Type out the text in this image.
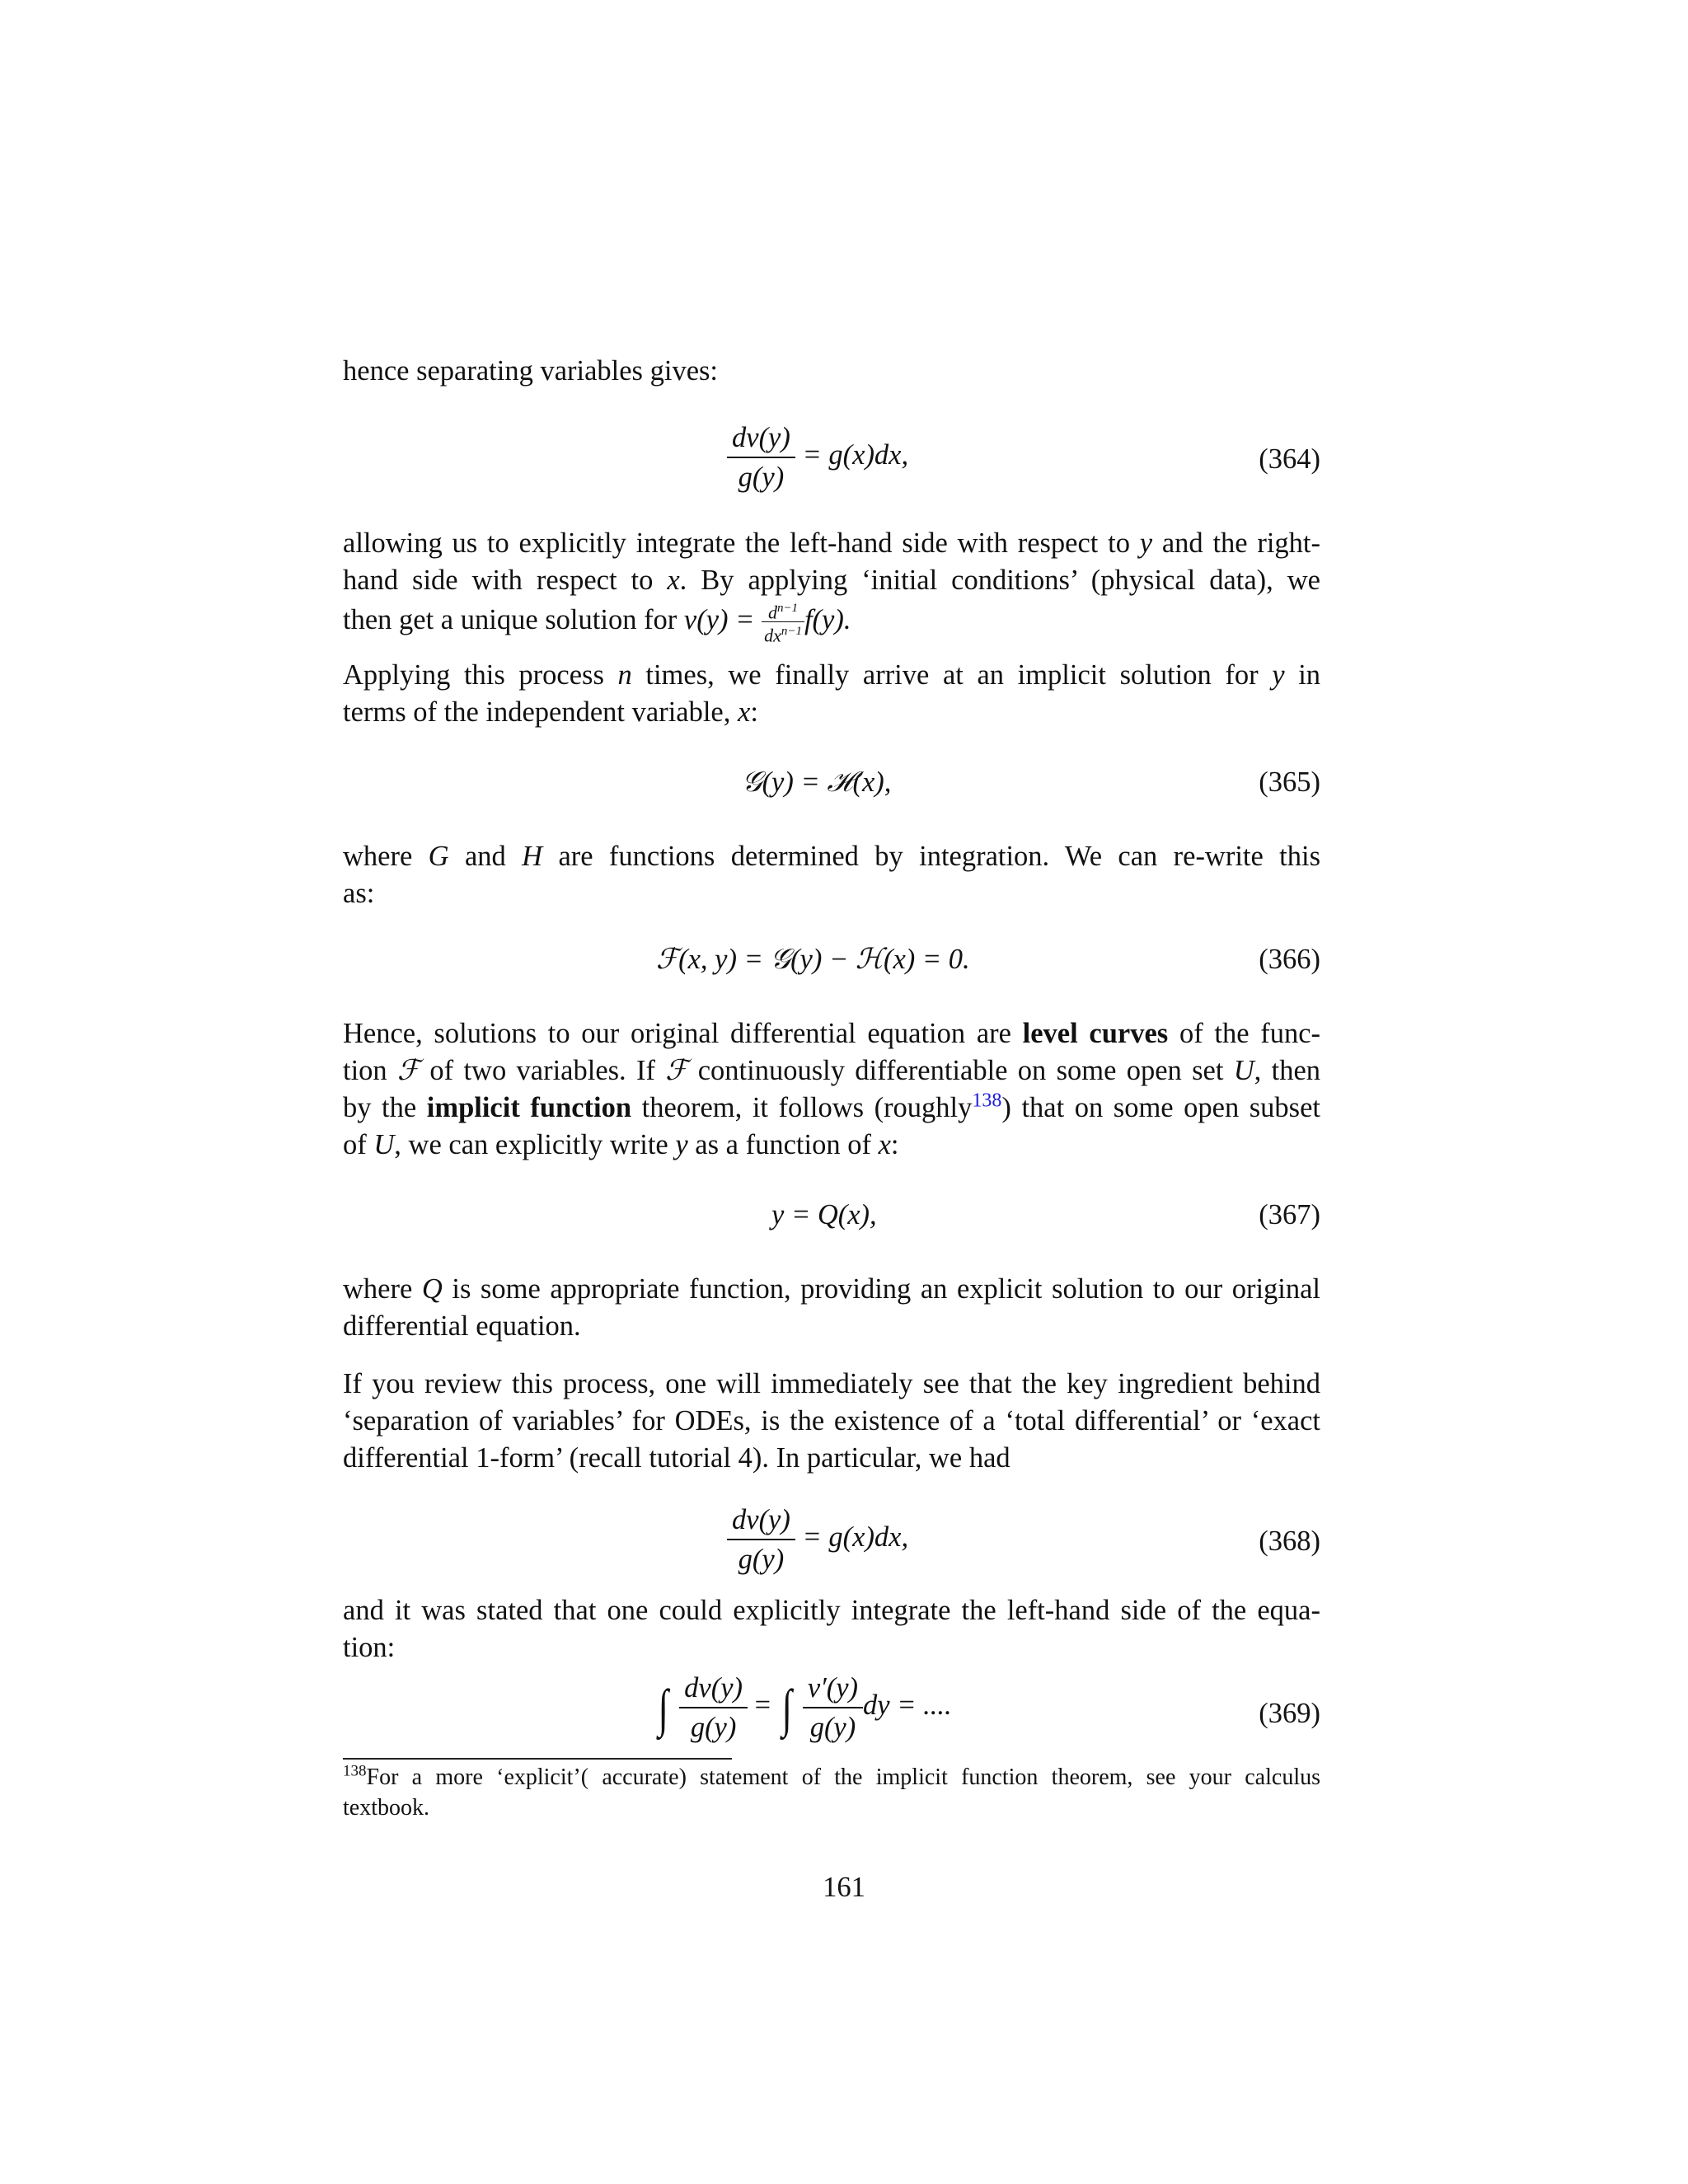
hence separating variables gives:

$\frac{dv(y)}{g(y)} = g(x)dx$,	(364)
allowing us to explicitly integrate the left-hand side with respect to y and the right-
hand side with respect to x. By applying ‘initial conditions’ (physical data), we
then get a unique solution for $v(y) = \frac{d^{n-1}}{dx^{n-1}} f(y)$.
Applying this process n times, we finally arrive at an implicit solution for y in
terms of the independent variable, x:
𝒢(y) = ℋ(x),	(365)
where G and H are functions determined by integration. We can re-write this
as:
ℱ(x, y) = 𝒢(y) − ℋ(x) = 0.	(366)
Hence, solutions to our original differential equation are level curves of the func-
tion ℱ of two variables. If ℱ continuously differentiable on some open set U, then
by the implicit function theorem, it follows (roughly$^{138}$) that on some open subset
of U, we can explicitly write y as a function of x:
y = Q(x),	(367)
where Q is some appropriate function, providing an explicit solution to our original
differential equation.
If you review this process, one will immediately see that the key ingredient behind
‘separation of variables’ for ODEs, is the existence of a ‘total differential’ or ‘exact
differential 1-form’ (recall tutorial 4). In particular, we had
$\frac{dv(y)}{g(y)} = g(x)dx$,	(368)
and it was stated that one could explicitly integrate the left-hand side of the equa-
tion:
∫ $\frac{dv(y)}{g(y)}$ = ∫ $\frac{v'(y)}{g(y)}$ dy = ....	(369)
$^{138}$For a more ‘explicit’( accurate) statement of the implicit function theorem, see your calculus
textbook.
161
